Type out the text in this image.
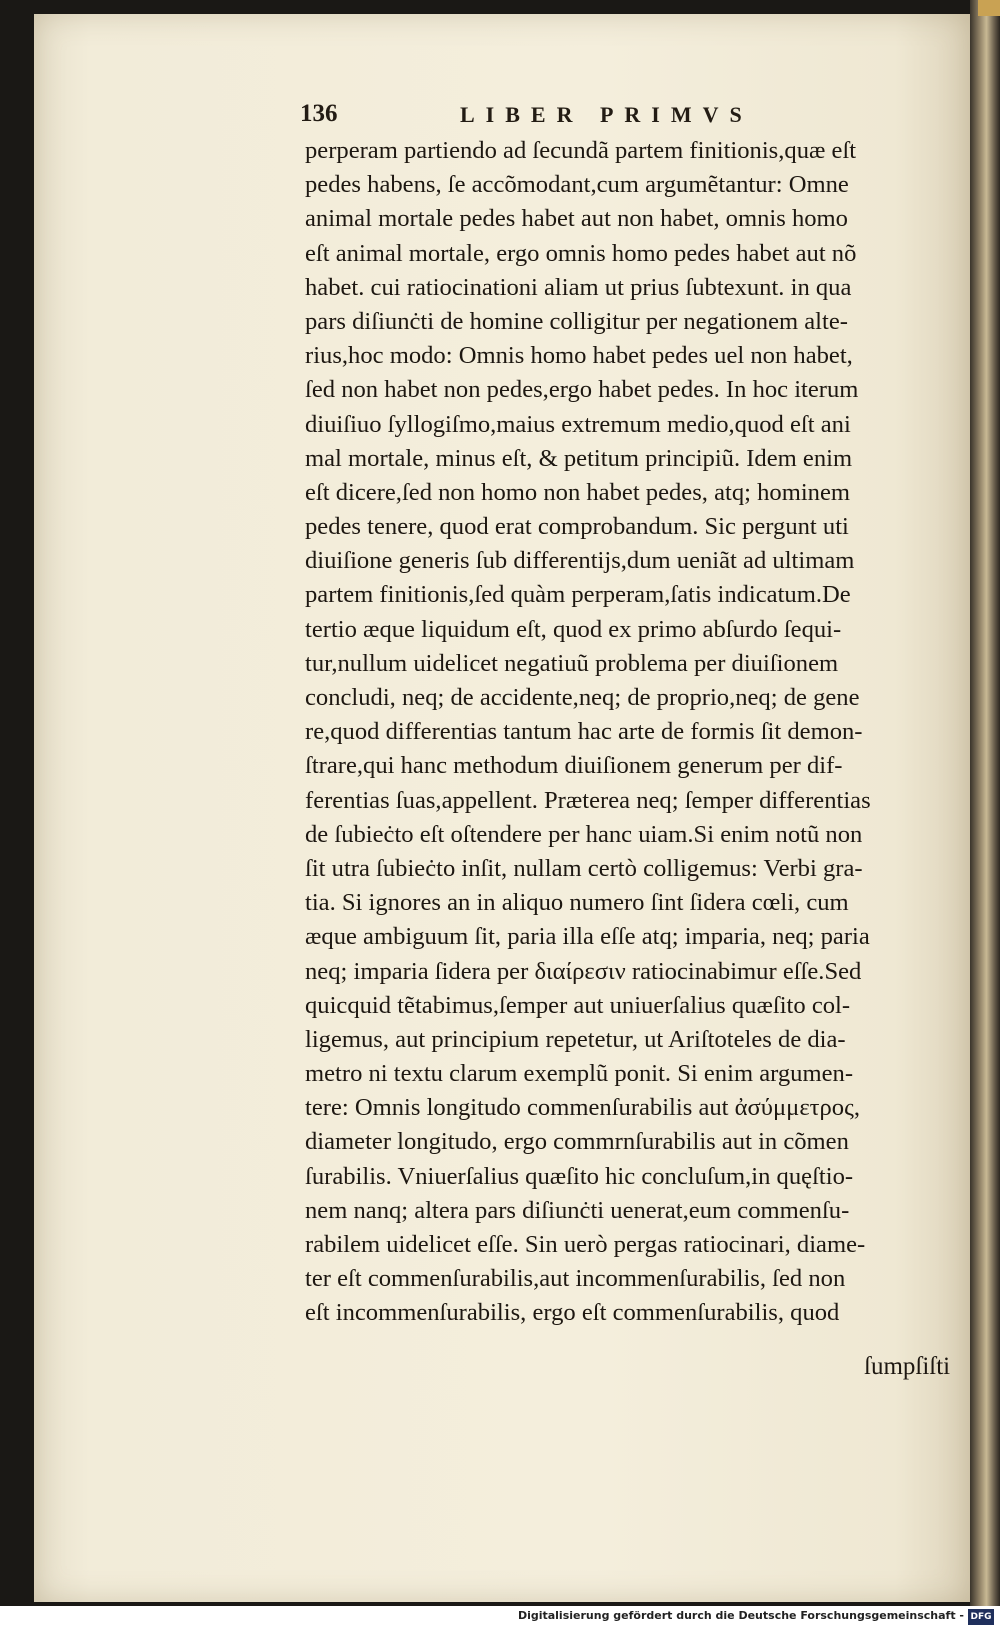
136	LIBER PRIMVS
perperam partiendo ad ſecundã partem finitionis,quæ eſt
pedes habens, ſe accõmodant,cum argumẽtantur: Omne
animal mortale pedes habet aut non habet, omnis homo
eſt animal mortale, ergo omnis homo pedes habet aut nõ
habet. cui ratiocinationi aliam ut prius ſubtexunt. in qua
pars diſiunċti de homine colligitur per negationem alte-
rius,hoc modo: Omnis homo habet pedes uel non habet,
ſed non habet non pedes,ergo habet pedes. In hoc iterum
diuiſiuo ſyllogiſmo,maius extremum medio,quod eſt ani
mal mortale, minus eſt, & petitum principiũ. Idem enim
eſt dicere,ſed non homo non habet pedes, atq; hominem
pedes tenere, quod erat comprobandum. Sic pergunt uti
diuiſione generis ſub differentijs,dum ueniãt ad ultimam
partem finitionis,ſed quàm perperam,ſatis indicatum.De
tertio æque liquidum eſt, quod ex primo abſurdo ſequi-
tur,nullum uidelicet negatiuũ problema per diuiſionem
concludi, neq; de accidente,neq; de proprio,neq; de gene
re,quod differentias tantum hac arte de formis ſit demon-
ſtrare,qui hanc methodum diuiſionem generum per dif-
ferentias ſuas,appellent. Præterea neq; ſemper differentias
de ſubieċto eſt oſtendere per hanc uiam.Si enim notũ non
ſit utra ſubieċto inſit, nullam certò colligemus: Verbi gra-
tia. Si ignores an in aliquo numero ſint ſidera cœli, cum
æque ambiguum ſit, paria illa eſſe atq; imparia, neq; paria
neq; imparia ſidera per διαίρεσιν ratiocinabimur eſſe.Sed
quicquid tẽtabimus,ſemper aut uniuerſalius quæſito col-
ligemus, aut principium repetetur, ut Ariſtoteles de dia-
metro ni textu clarum exemplũ ponit. Si enim argumen-
tere: Omnis longitudo commenſurabilis aut ἀσύμμετρος,
diameter longitudo, ergo commrnſurabilis aut in cõmen
ſurabilis. Vniuerſalius quæſito hic concluſum,in quęſtio-
nem nanq; altera pars diſiunċti uenerat,eum commenſu-
rabilem uidelicet eſſe. Sin uerò pergas ratiocinari, diame-
ter eſt commenſurabilis,aut incommenſurabilis, ſed non
eſt incommenſurabilis, ergo eſt commenſurabilis, quod
ſumpſiſti
Digitalisierung gefördert durch die Deutsche Forschungsgemeinschaft - DFG
